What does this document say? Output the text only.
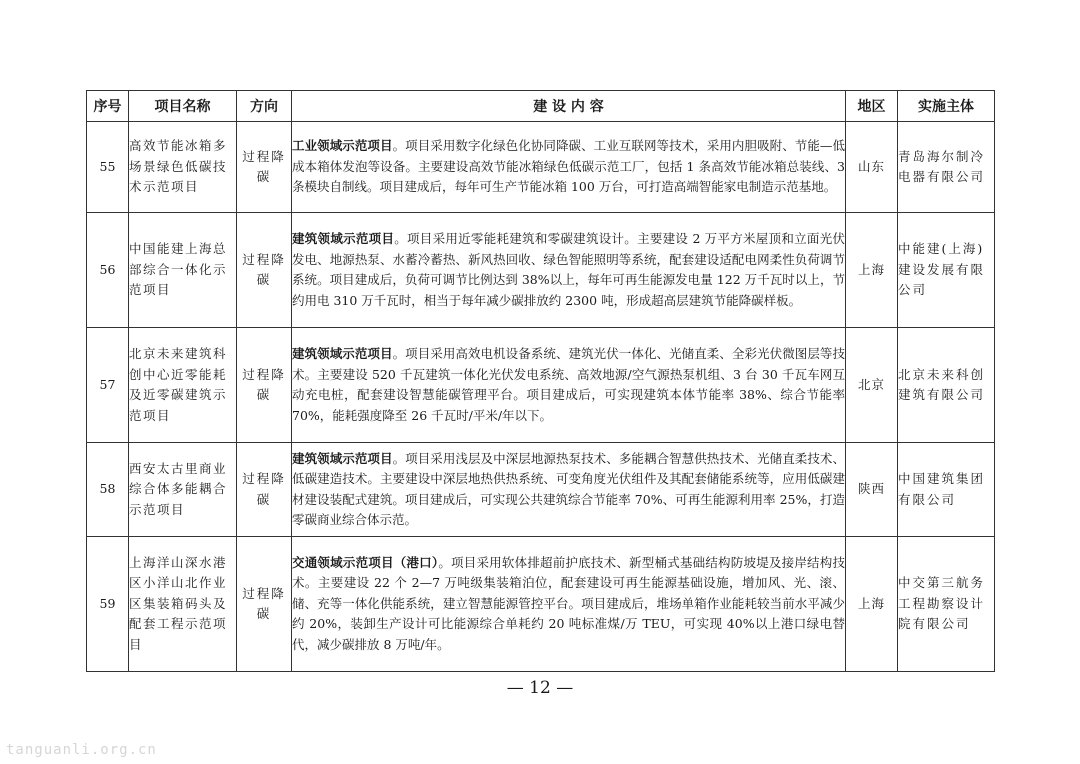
序号	项目名称	方向	建 设 内 容	地区	实施主体
55	高效节能冰箱多场景绿色低碳技术示范项目	过程降碳	工业领域示范项目。项目采用数字化绿色化协同降碳、工业互联网等技术，采用内胆吸附、节能—低成本箱体发泡等设备。主要建设高效节能冰箱绿色低碳示范工厂，包括 1 条高效节能冰箱总装线、3 条模块自制线。项目建成后，每年可生产节能冰箱 100 万台，可打造高端智能家电制造示范基地。	山东	青岛海尔制冷电器有限公司
56	中国能建上海总部综合一体化示范项目	过程降碳	建筑领域示范项目。项目采用近零能耗建筑和零碳建筑设计。主要建设 2 万平方米屋顶和立面光伏发电、地源热泵、水蓄冷蓄热、新风热回收、绿色智能照明等系统，配套建设适配电网柔性负荷调节系统。项目建成后，负荷可调节比例达到 38%以上，每年可再生能源发电量 122 万千瓦时以上，节约用电 310 万千瓦时，相当于每年减少碳排放约 2300 吨，形成超高层建筑节能降碳样板。	上海	中能建(上海)建设发展有限公司
57	北京未来建筑科创中心近零能耗及近零碳建筑示范项目	过程降碳	建筑领域示范项目。项目采用高效电机设备系统、建筑光伏一体化、光储直柔、全彩光伏微图层等技术。主要建设 520 千瓦建筑一体化光伏发电系统、高效地源/空气源热泵机组、3 台 30 千瓦车网互动充电桩，配套建设智慧能碳管理平台。项目建成后，可实现建筑本体节能率 38%、综合节能率 70%，能耗强度降至 26 千瓦时/平米/年以下。	北京	北京未来科创建筑有限公司
58	西安太古里商业综合体多能耦合示范项目	过程降碳	建筑领域示范项目。项目采用浅层及中深层地源热泵技术、多能耦合智慧供热技术、光储直柔技术、低碳建造技术。主要建设中深层地热供热系统、可变角度光伏组件及其配套储能系统等，应用低碳建材建设装配式建筑。项目建成后，可实现公共建筑综合节能率 70%、可再生能源利用率 25%，打造零碳商业综合体示范。	陕西	中国建筑集团有限公司
59	上海洋山深水港区小洋山北作业区集装箱码头及配套工程示范项目	过程降碳	交通领域示范项目（港口）。项目采用软体排超前护底技术、新型桶式基础结构防坡堤及接岸结构技术。主要建设 22 个 2—7 万吨级集装箱泊位，配套建设可再生能源基础设施，增加风、光、滚、储、充等一体化供能系统，建立智慧能源管控平台。项目建成后，堆场单箱作业能耗较当前水平减少约 20%，装卸生产设计可比能源综合单耗约 20 吨标准煤/万 TEU，可实现 40%以上港口绿电替代，减少碳排放 8 万吨/年。	上海	中交第三航务工程勘察设计院有限公司
— 12 —
tanguanli.org.cn
